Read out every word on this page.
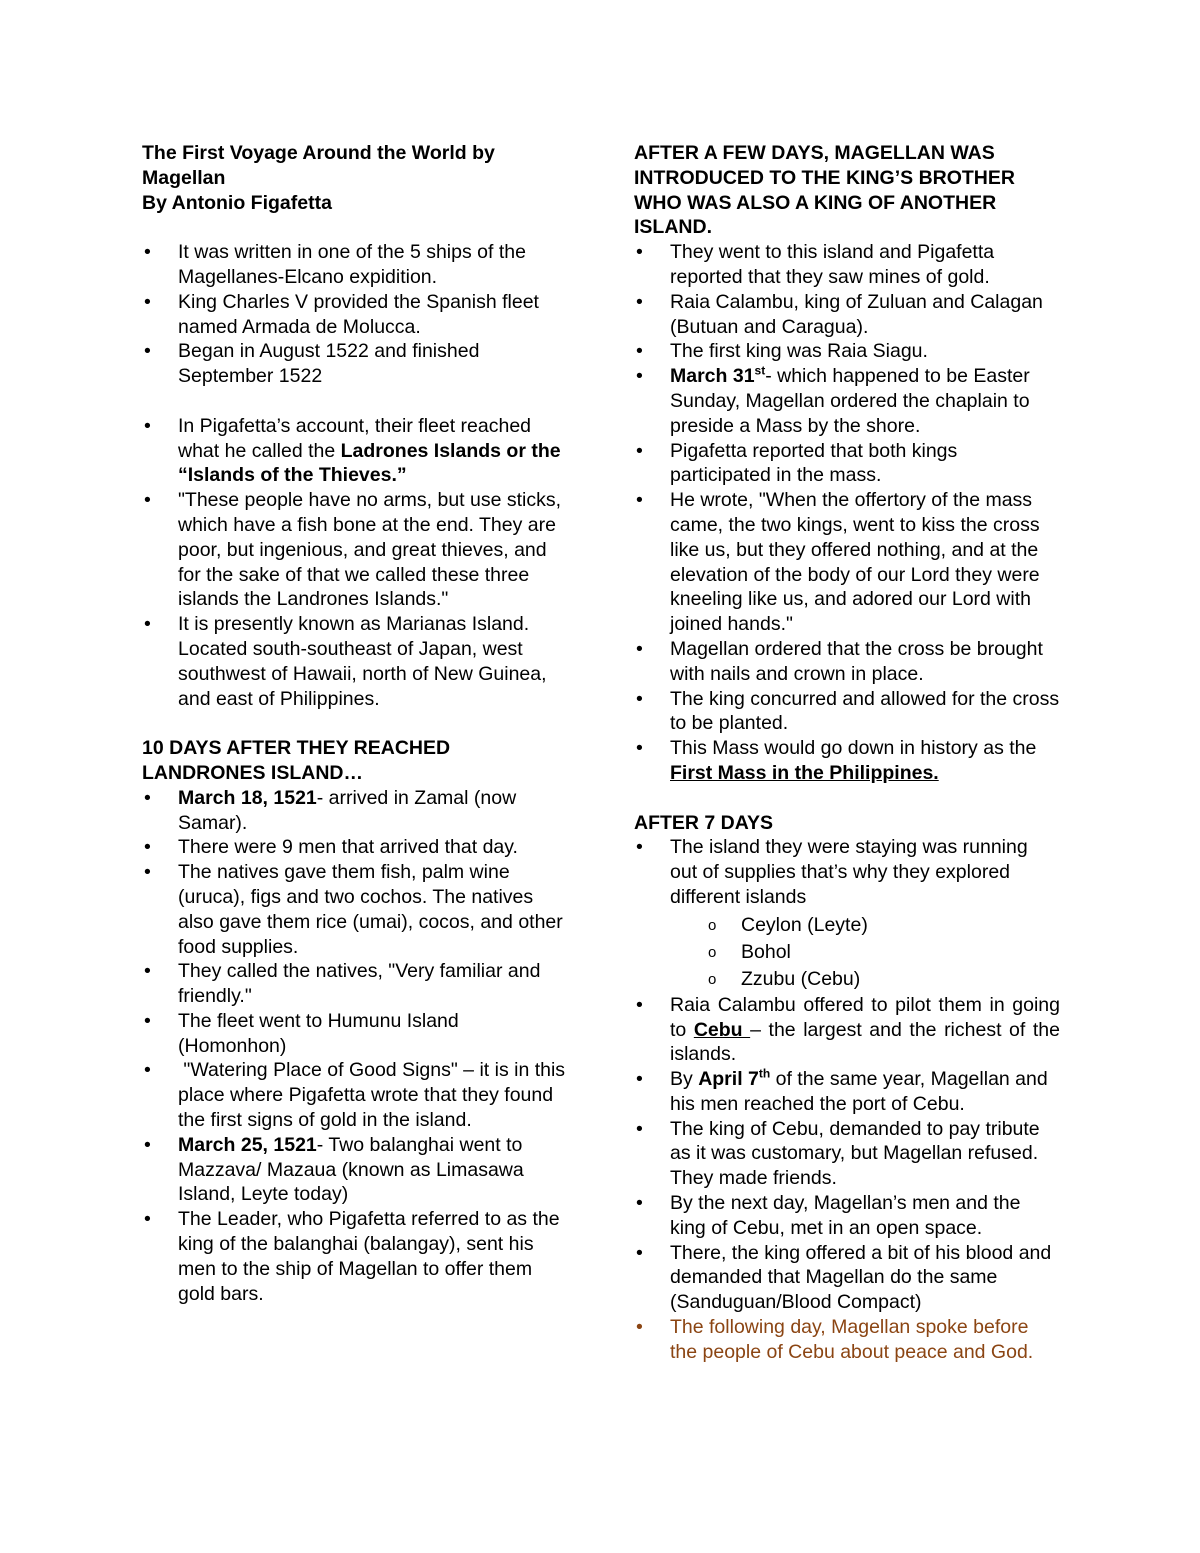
The First Voyage Around the World by
Magellan

By Antonio Figafetta

• It was written in one of the 5 ships of the Magellanes-Elcano expidition.
• King Charles V provided the Spanish fleet named Armada de Molucca.
• Began in August 1522 and finished September 1522
• In Pigafetta’s account, their fleet reached what he called the Ladrones Islands or the “Islands of the Thieves.”
• "These people have no arms, but use sticks, which have a fish bone at the end. They are poor, but ingenious, and great thieves, and for the sake of that we called these three islands the Landrones Islands."
• It is presently known as Marianas Island. Located south-southeast of Japan, west southwest of Hawaii, north of New Guinea, and east of Philippines.

10 DAYS AFTER THEY REACHED LANDRONES ISLAND…

• March 18, 1521- arrived in Zamal (now Samar).
• There were 9 men that arrived that day.
• The natives gave them fish, palm wine (uruca), figs and two cochos. The natives also gave them rice (umai), cocos, and other food supplies.
• They called the natives, "Very familiar and friendly."
• The fleet went to Humunu Island (Homonhon)
•  "Watering Place of Good Signs" – it is in this place where Pigafetta wrote that they found the first signs of gold in the island.
• March 25, 1521- Two balanghai went to Mazzava/ Mazaua (known as Limasawa Island, Leyte today)
• The Leader, who Pigafetta referred to as the king of the balanghai (balangay), sent his men to the ship of Magellan to offer them gold bars.

AFTER A FEW DAYS, MAGELLAN WAS INTRODUCED TO THE KING’S BROTHER WHO WAS ALSO A KING OF ANOTHER ISLAND.

• They went to this island and Pigafetta reported that they saw mines of gold.
• Raia Calambu, king of Zuluan and Calagan (Butuan and Caragua).
• The first king was Raia Siagu.
• March 31st- which happened to be Easter Sunday, Magellan ordered the chaplain to preside a Mass by the shore.
• Pigafetta reported that both kings participated in the mass.
• He wrote, "When the offertory of the mass came, the two kings, went to kiss the cross like us, but they offered nothing, and at the elevation of the body of our Lord they were kneeling like us, and adored our Lord with joined hands."
• Magellan ordered that the cross be brought with nails and crown in place.
• The king concurred and allowed for the cross to be planted.
• This Mass would go down in history as the First Mass in the Philippines.

AFTER 7 DAYS

• The island they were staying was running out of supplies that’s why they explored different islands
o Ceylon (Leyte)
o Bohol
o Zzubu (Cebu)
• Raia Calambu offered to pilot them in going to Cebu – the largest and the richest of the islands.
• By April 7th of the same year, Magellan and his men reached the port of Cebu.
• The king of Cebu, demanded to pay tribute as it was customary, but Magellan refused. They made friends.
• By the next day, Magellan’s men and the king of Cebu, met in an open space.
• There, the king offered a bit of his blood and demanded that Magellan do the same (Sanduguan/Blood Compact)
• The following day, Magellan spoke before the people of Cebu about peace and God.
